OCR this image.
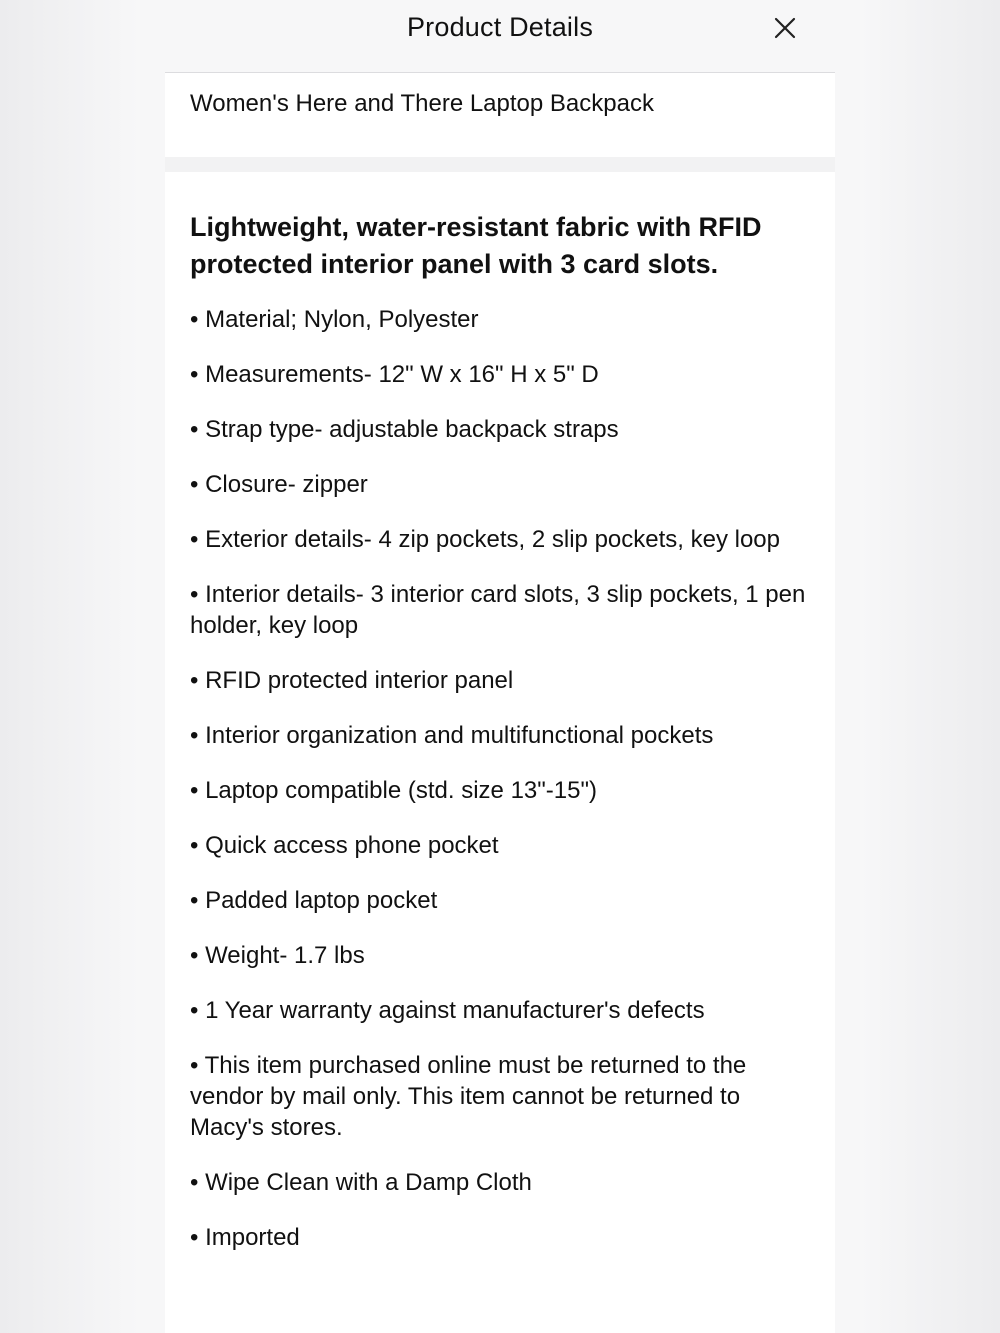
Product Details
Women's Here and There Laptop Backpack

Lightweight, water-resistant fabric with RFID protected interior panel with 3 card slots.

• Material; Nylon, Polyester
• Measurements- 12" W x 16" H x 5" D
• Strap type- adjustable backpack straps
• Closure- zipper
• Exterior details- 4 zip pockets, 2 slip pockets, key loop
• Interior details- 3 interior card slots, 3 slip pockets, 1 pen holder, key loop
• RFID protected interior panel
• Interior organization and multifunctional pockets
• Laptop compatible (std. size 13"-15")
• Quick access phone pocket
• Padded laptop pocket
• Weight- 1.7 lbs
• 1 Year warranty against manufacturer's defects
• This item purchased online must be returned to the vendor by mail only. This item cannot be returned to Macy's stores.
• Wipe Clean with a Damp Cloth
• Imported
